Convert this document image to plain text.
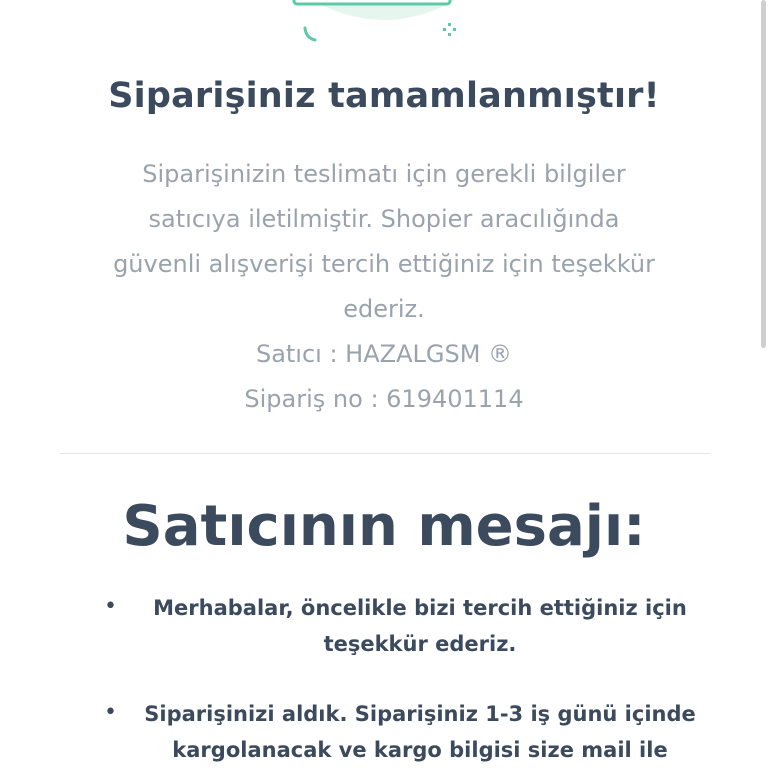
Siparişiniz tamamlanmıştır!

Siparişinizin teslimatı için gerekli bilgiler

satıcıya iletilmiştir. Shopier aracılığında

güvenli alışverişi tercih ettiğiniz için teşekkür

ederiz.

Satıcı : HAZALGSM ®

Sipariş no : 619401114

Satıcının mesajı:
•	Merhabalar, öncelikle bizi tercih ettiğiniz için teşekkür ederiz.
• Siparişinizi aldık. Siparişiniz 1-3 iş günü içinde kargolanacak ve kargo bilgisi size mail ile
